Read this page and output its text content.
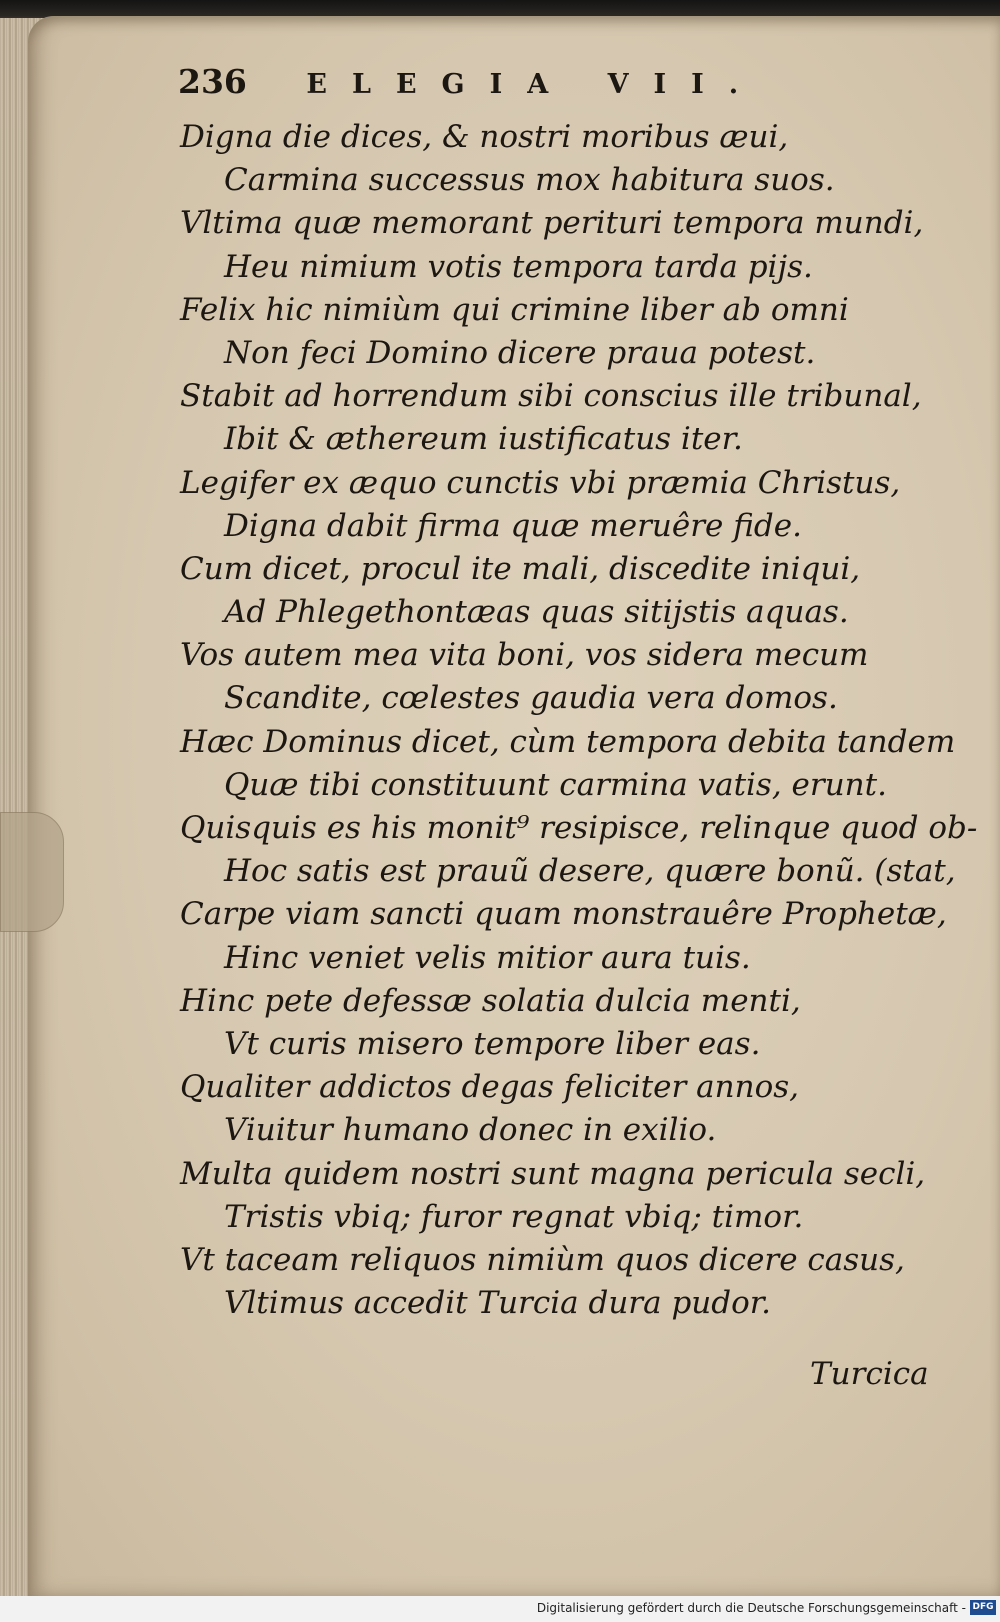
236 ELEGIA VII.
Digna die dices, & nostri moribus æui,
Carmina successus mox habitura suos.
Vltima quæ memorant perituri tempora mundi,
Heu nimium votis tempora tarda pijs.
Felix hic nimiùm qui crimine liber ab omni
Non feci Domino dicere praua potest.
Stabit ad horrendum sibi conscius ille tribunal,
Ibit & æthereum iustificatus iter.
Legifer ex æquo cunctis vbi præmia Christus,
Digna dabit firma quæ meruêre fide.
Cum dicet, procul ite mali, discedite iniqui,
Ad Phlegethontæas quas sitijstis aquas.
Vos autem mea vita boni, vos sidera mecum
Scandite, cœlestes gaudia vera domos.
Hæc Dominus dicet, cùm tempora debita tandem
Quæ tibi constituunt carmina vatis, erunt.
Quisquis es his monit⁹ resipisce, relinque quod ob-
Hoc satis est prauũ desere, quære bonũ. (stat,
Carpe viam sancti quam monstrauêre Prophetæ,
Hinc veniet velis mitior aura tuis.
Hinc pete defessæ solatia dulcia menti,
Vt curis misero tempore liber eas.
Qualiter addictos degas feliciter annos,
Viuitur humano donec in exilio.
Multa quidem nostri sunt magna pericula secli,
Tristis vbiq; furor regnat vbiq; timor.
Vt taceam reliquos nimiùm quos dicere casus,
Vltimus accedit Turcia dura pudor.
Turcica
Digitalisierung gefördert durch die Deutsche Forschungsgemeinschaft - DFG
